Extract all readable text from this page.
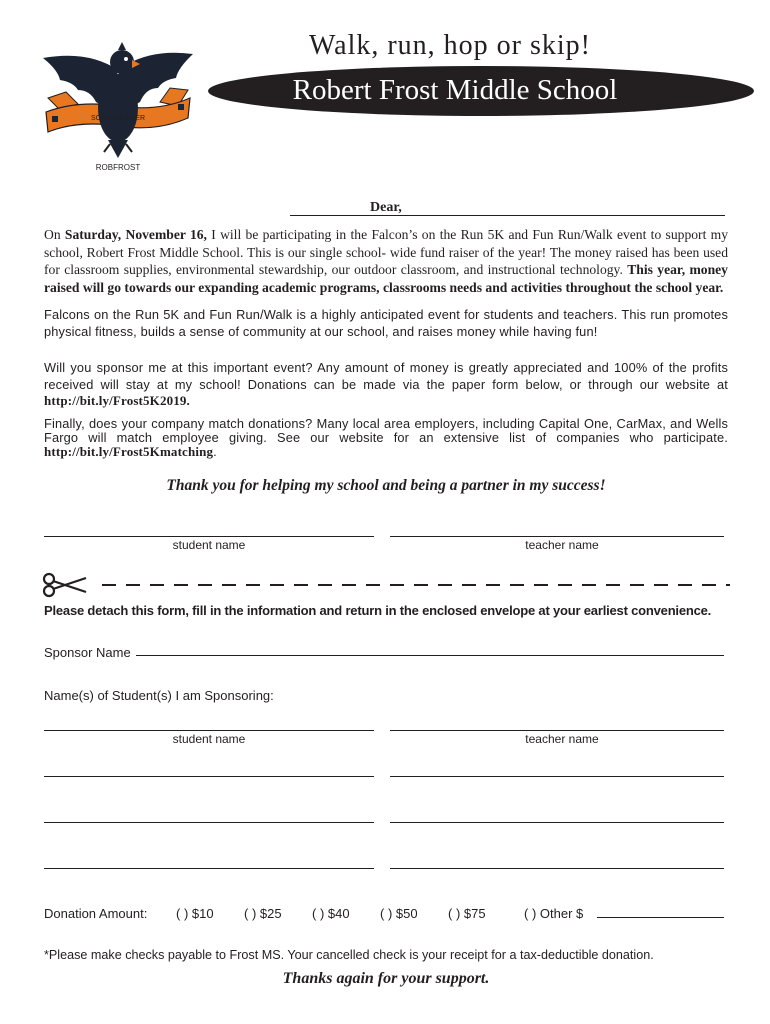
SOARING OVER
ROBFROST
Walk, run, hop or skip!
Robert Frost Middle School
Dear,
On Saturday, November 16, I will be participating in the Falcon’s on the Run 5K and Fun Run/Walk event to support my school, Robert Frost Middle School. This is our single school- wide fund raiser of the year! The money raised has been used for classroom supplies, environmental stewardship, our outdoor classroom, and instructional technology. This year, money raised will go towards our expanding academic programs, classrooms needs and activities throughout the school year.
Falcons on the Run 5K and Fun Run/Walk is a highly anticipated event for students and teachers. This run promotes physical fitness, builds a sense of community at our school, and raises money while having fun!
Will you sponsor me at this important event? Any amount of money is greatly appreciated and 100% of the profits received will stay at my school! Donations can be made via the paper form below, or through our website at http://bit.ly/Frost5K2019.
Finally, does your company match donations? Many local area employers, including Capital One, CarMax, and Wells Fargo will match employee giving. See our website for an extensive list of companies who participate. http://bit.ly/Frost5Kmatching.
Thank you for helping my school and being a partner in my success!
student name	teacher name
Please detach this form, fill in the information and return in the enclosed envelope at your earliest convenience.
Sponsor Name
Name(s) of Student(s) I am Sponsoring:
student name	teacher name
Donation Amount: ( ) $10 ( ) $25 ( ) $40 ( ) $50 ( ) $75	( ) Other $
*Please make checks payable to Frost MS. Your cancelled check is your receipt for a tax-deductible donation.
Thanks again for your support.
